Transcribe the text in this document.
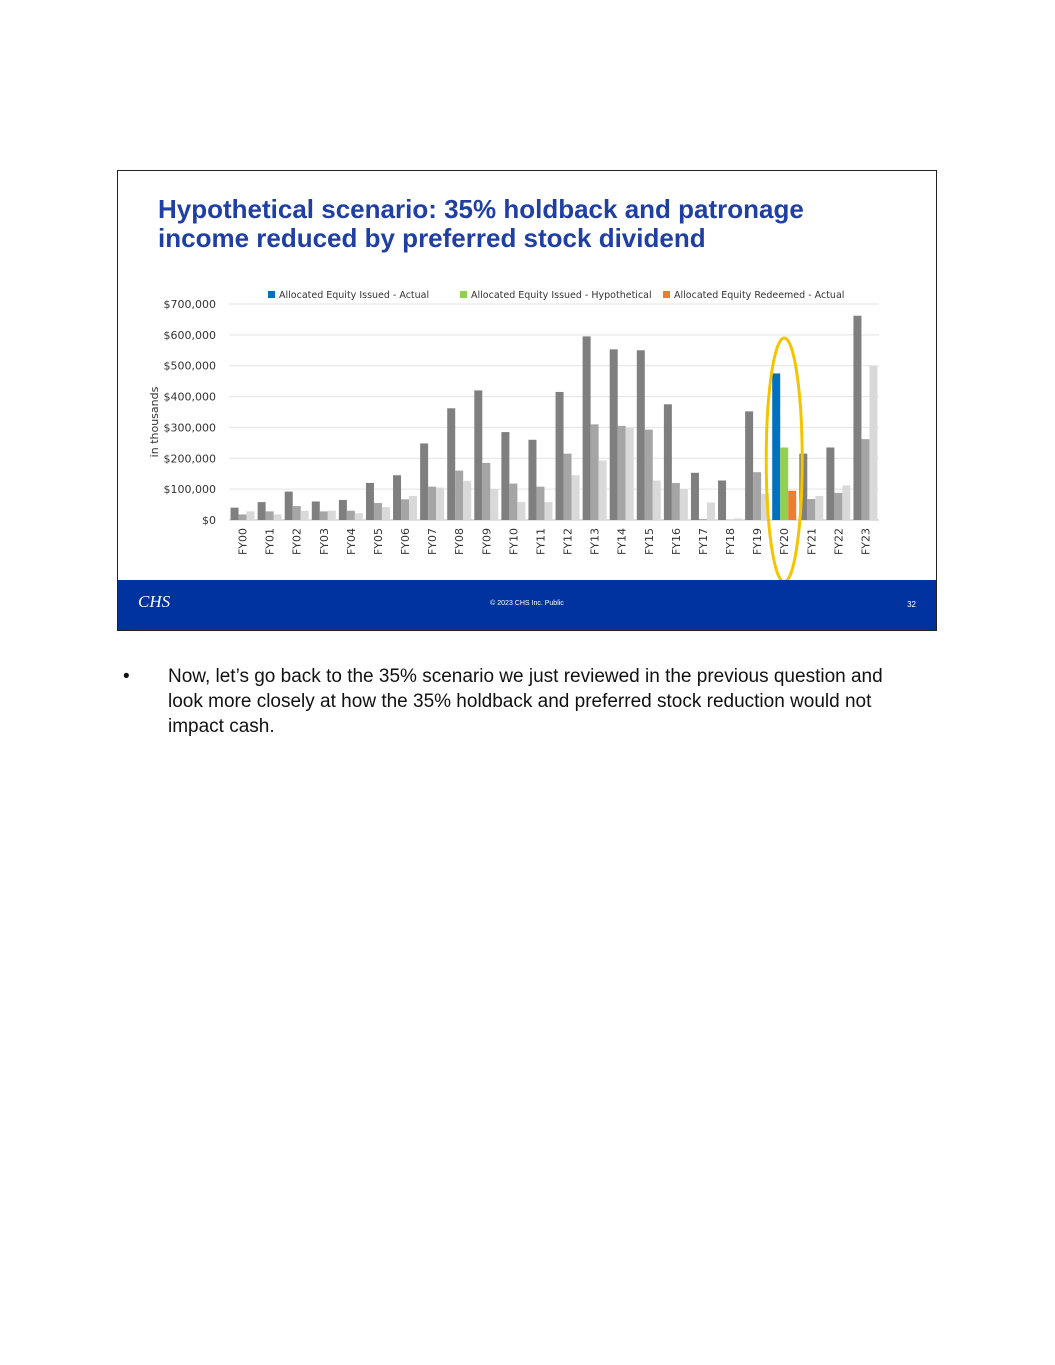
Hypothetical scenario: 35% holdback and patronage income reduced by preferred stock dividend
$0
$100,000
$200,000
$300,000
$400,000
$500,000
$600,000
$700,000
in thousands
FY00 FY01 FY02 FY03 FY04 FY05 FY06 FY07 FY08 FY09 FY10 FY11 FY12 FY13 FY14 FY15 FY16 FY17 FY18 FY19 FY20 FY21 FY22 FY23
Allocated Equity Issued - Actual	Allocated Equity Issued - Hypothetical Allocated Equity Redeemed - Actual
CHS	© 2023 CHS Inc. Public	32
• Now, let’s go back to the 35% scenario we just reviewed in the previous question and look more closely at how the 35% holdback and preferred stock reduction would not impact cash.
